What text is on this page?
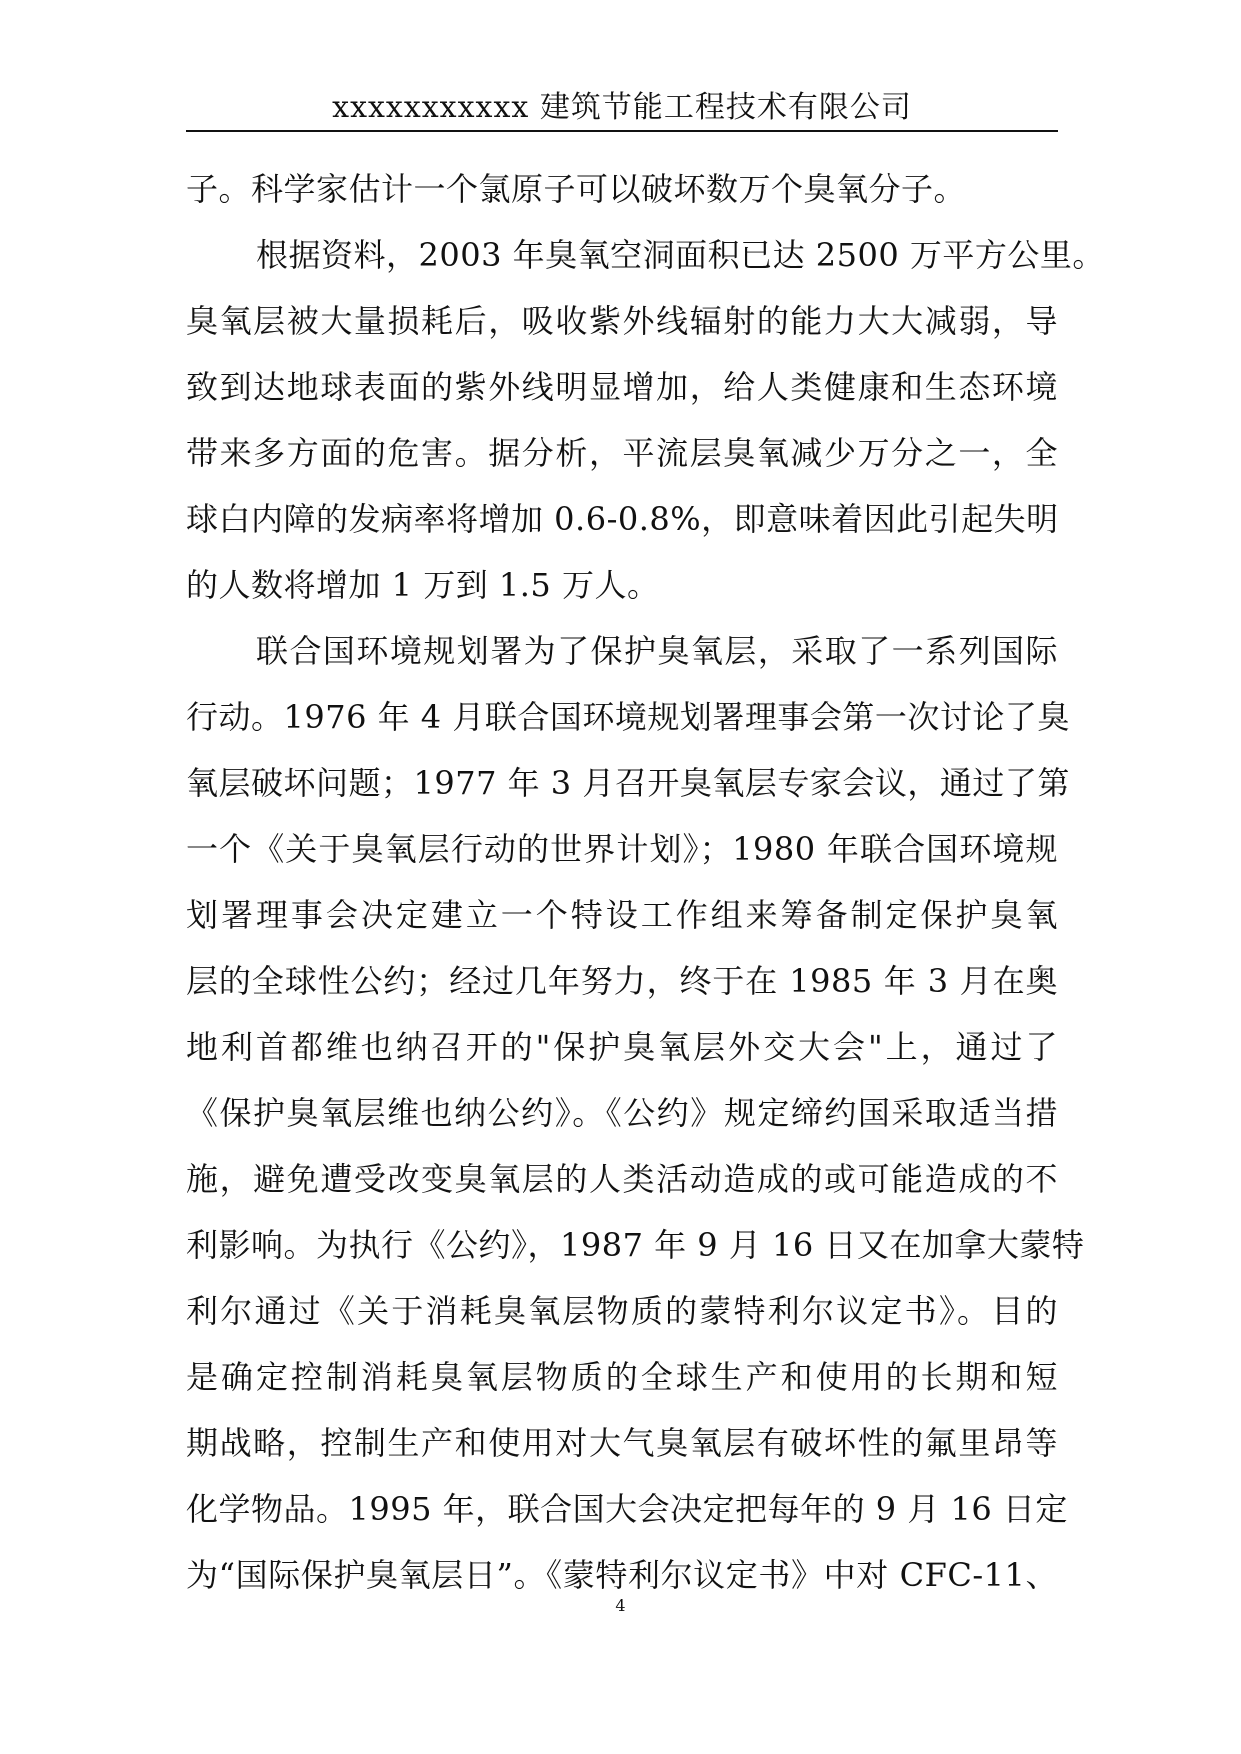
xxxxxxxxxxx 建筑节能工程技术有限公司
子。科学家估计一个氯原子可以破坏数万个臭氧分子。
根据资料，2003 年臭氧空洞面积已达 2500 万平方公里。
臭氧层被大量损耗后，吸收紫外线辐射的能力大大减弱，导
致到达地球表面的紫外线明显增加，给人类健康和生态环境
带来多方面的危害。据分析，平流层臭氧减少万分之一，全
球白内障的发病率将增加 0.6-0.8%，即意味着因此引起失明
的人数将增加 1 万到 1.5 万人。
联合国环境规划署为了保护臭氧层，采取了一系列国际
行动。1976 年 4 月联合国环境规划署理事会第一次讨论了臭
氧层破坏问题；1977 年 3 月召开臭氧层专家会议，通过了第
一个《关于臭氧层行动的世界计划》；1980 年联合国环境规
划署理事会决定建立一个特设工作组来筹备制定保护臭氧
层的全球性公约；经过几年努力，终于在 1985 年 3 月在奥
地利首都维也纳召开的"保护臭氧层外交大会"上，通过了
《保护臭氧层维也纳公约》。《公约》规定缔约国采取适当措
施，避免遭受改变臭氧层的人类活动造成的或可能造成的不
利影响。为执行《公约》，1987 年 9 月 16 日又在加拿大蒙特
利尔通过《关于消耗臭氧层物质的蒙特利尔议定书》。目的
是确定控制消耗臭氧层物质的全球生产和使用的长期和短
期战略，控制生产和使用对大气臭氧层有破坏性的氟里昂等
化学物品。1995 年，联合国大会决定把每年的 9 月 16 日定
为“国际保护臭氧层日”。《蒙特利尔议定书》中对 CFC-11、
4
